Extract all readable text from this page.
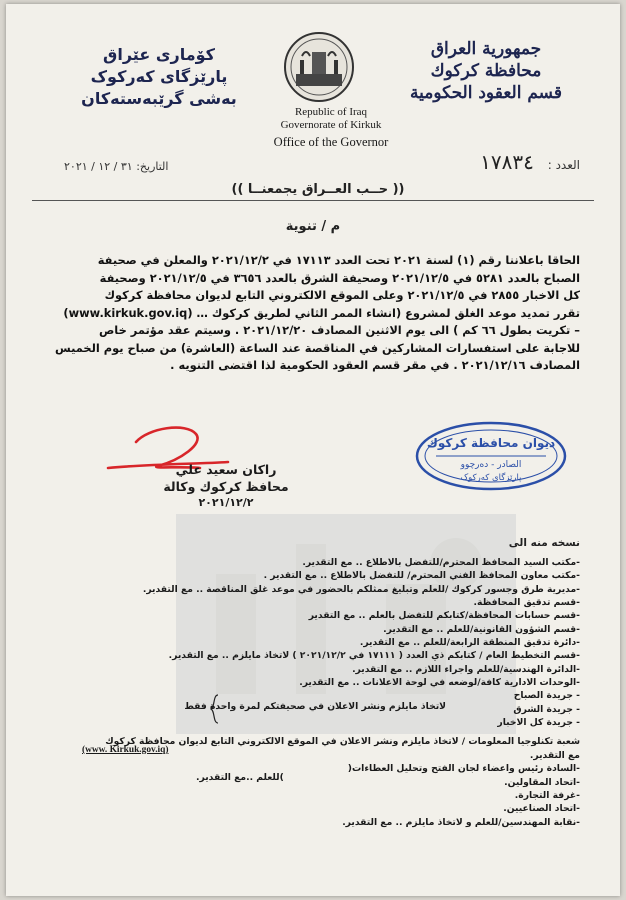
جمهورية العراق
محافظة كركوك
قسم العقود الحكومية
کۆماری عێراق
پارێزگای کەرکوک
بەشی گرێبەستەکان
Republic of Iraq
Governorate of Kirkuk
Office of the Governor
العدد : ١٧٨٣٤
التاريخ: ٣١ / ١٢ / ٢٠٢١
(( حــب العــراق يجمعنــا ))
م / تنوية
الحاقا باعلاننا رقم (١) لسنة ٢٠٢١ تحت العدد ١٧١١٣ في ٢٠٢١/١٢/٢ والمعلن في صحيفة
الصباح بالعدد ٥٢٨١ في ٢٠٢١/١٢/٥ وصحيفة الشرق بالعدد ٣٦٥٦ في ٢٠٢١/١٢/٥ وصحيفة
كل الاخبار ٢٨٥٥ في ٢٠٢١/١٢/٥ وعلى الموقع الالكتروني التابع لديوان محافظة كركوك
تقرر تمديد موعد الغلق لمشروع (انشاء الممر الثاني لطريق كركوك … (www.kirkuk.gov.iq)
– تكريت بطول ٦٦ كم ) الى يوم الاثنين المصادف ٢٠٢١/١٢/٢٠ . وسيتم عقد مؤتمر خاص
للاجابة على استفسارات المشاركين في المناقصة عند الساعة (العاشرة) من صباح يوم الخميس
المصادف ٢٠٢١/١٢/١٦ . في مقر قسم العقود الحكومية لذا اقتضى التنويه .
ديوان محافظة كركوك
الصادر - دەرچوو
پارێزگای کەرکوک
راكان سعيد علي
محافظ كركوك وكالة
٢٠٢١/١٢/٢
نسخه منه الى
-مكتب السيد المحافظ المحترم/للتفضل بالاطلاع .. مع التقدير.
-مكتب معاون المحافظ الفني المحترم/ للتفضل بالاطلاع .. مع التقدير .
-مديرية طرق وجسور كركوك /للعلم وتبليغ ممثلكم بالحضور في موعد غلق المناقصة .. مع التقدير.
-قسم تدقيق المحافظة.
-قسم حسابات المحافظة/كتابكم للتفضل بالعلم .. مع التقدير
-قسم الشؤون القانونية/للعلم .. مع التقدير.
-دائرة تدقيق المنطقة الرابعة/للعلم .. مع التقدير.
-قسم التخطيط العام / كتابكم ذي العدد ( ١٧١١١ في ٢٠٢١/١٢/٢ ) لاتخاذ مايلزم .. مع التقدير.
-الدائرة الهندسية/للعلم واجراء اللازم .. مع التقدير.
-الوحدات الادارية كافة/لوضعه في لوحة الاعلانات .. مع التقدير.
- جريدة الصباح
- جريدة الشرق
- جريدة كل الاخبار
شعبة تكنلوجيا المعلومات / لاتخاذ مايلزم ونشر الاعلان في الموقع الالكتروني التابع لديوان محافظة كركوك
مع التقدير.
-السادة رئيس واعضاء لجان الفتح وتحليل العطاءات(
-اتحاد المقاولين.
-غرفة التجارة.
-اتحاد الصناعيين.
-نقابة المهندسين/للعلم و لاتخاذ مايلزم .. مع التقدير.
لاتخاذ مايلزم ونشر الاعلان في صحيفتكم لمرة واحدة فقط
(www. Kirkuk.gov.iq)
)للعلم ..مع التقدير.
